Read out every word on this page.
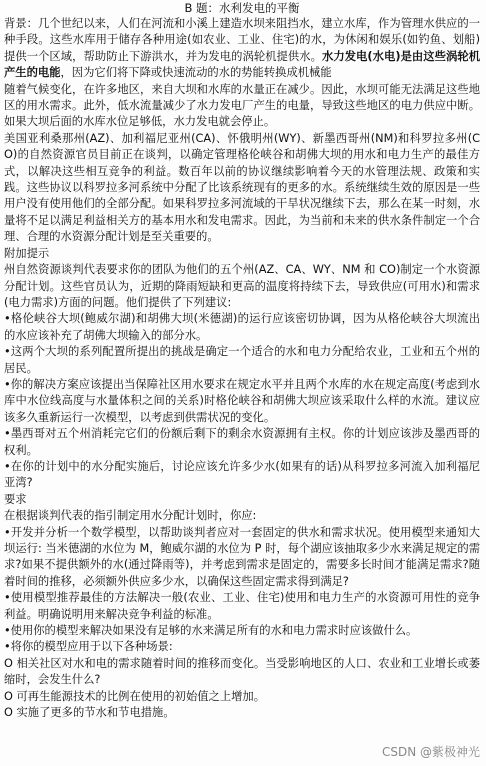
B 题：水利发电的平衡

背景：几个世纪以来，人们在河流和小溪上建造水坝来阻挡水，建立水库，作为管理水供应的一种手段。这些水库用于储存各种用途(如农业、工业、住宅)的水，为休闲和娱乐(如钓鱼、划船)提供一个区域，帮助防止下游洪水，并为发电的涡轮机提供水。水力发电(水电)是由这些涡轮机产生的电能，因为它们将下降或快速流动的水的势能转换成机械能

随着气候变化，在许多地区，来自大坝和水库的水量正在减少。因此，水坝可能无法满足这些地区的用水需求。此外，低水流量减少了水力发电厂产生的电量，导致这些地区的电力供应中断。如果大坝后面的水库水位足够低，水力发电就会停止。

美国亚利桑那州(AZ)、加利福尼亚州(CA)、怀俄明州(WY)、新墨西哥州(NM)和科罗拉多州(CO)的自然资源官员目前正在谈判，以确定管理格伦峡谷和胡佛大坝的用水和电力生产的最佳方式，以解决这些相互竞争的利益。数百年以前的协议继续影响着今天的水管理法规、政策和实践。这些协议以科罗拉多河系统中分配了比该系统现有的更多的水。系统继续生效的原因是一些用户没有使用他们的全部分配。如果科罗拉多河流域的干旱状况继续下去，那么在某一时刻，水量将不足以满足利益相关方的基本用水和发电需求。因此，为当前和未来的供水条件制定一个合理、合理的水资源分配计划是至关重要的。

附加提示

州自然资源谈判代表要求你的团队为他们的五个州(AZ、CA、WY、NM 和 CO)制定一个水资源分配计划。这些官员认为，近期的降雨短缺和更高的温度将持续下去，导致供应(可用水)和需求(电力需求)方面的问题。他们提供了下列建议:

•格伦峡谷大坝(鲍威尔湖)和胡佛大坝(米德湖)的运行应该密切协调，因为从格伦峡谷大坝流出的水应该补充了胡佛大坝输入的部分水。

•这两个大坝的系列配置所提出的挑战是确定一个适合的水和电力分配给农业，工业和五个州的居民。

•你的解决方案应该提出当保障社区用水要求在规定水平并且两个水库的水在规定高度(考虑到水库中水位线高度与水量体积之间的关系)时格伦峡谷和胡佛大坝应该采取什么样的水流。建议应该多久重新运行一次模型，以考虑到供需状况的变化。

•墨西哥对五个州消耗完它们的份额后剩下的剩余水资源拥有主权。你的计划应该涉及墨西哥的权利。

•在你的计划中的水分配实施后，讨论应该允许多少水(如果有的话)从科罗拉多河流入加利福尼亚湾?

要求

在根据谈判代表的指引制定用水分配计划时，你应:

•开发并分析一个数学模型，以帮助谈判者应对一套固定的供水和需求状况。使用模型来通知大坝运行: 当米德湖的水位为 M，鲍威尔湖的水位为 P 时，每个湖应该抽取多少水来满足规定的需求?如果不提供额外的水(通过降雨等)，并考虑到需求是固定的，需要多长时间才能满足需求?随着时间的推移，必须额外供应多少水，以确保这些固定需求得到满足?

•使用模型推荐最佳的方法解决一般(农业、工业、住宅)使用和电力生产的水资源可用性的竞争利益。明确说明用来解决竞争利益的标准。

•使用你的模型来解决如果没有足够的水来满足所有的水和电力需求时应该做什么。

•将你的模型应用于以下各种场景:

O 相关社区对水和电的需求随着时间的推移而变化。当受影响地区的人口、农业和工业增长或萎缩时，会发生什么?

O 可再生能源技术的比例在使用的初始值之上增加。

O 实施了更多的节水和节电措施。

CSDN @紫极神光
